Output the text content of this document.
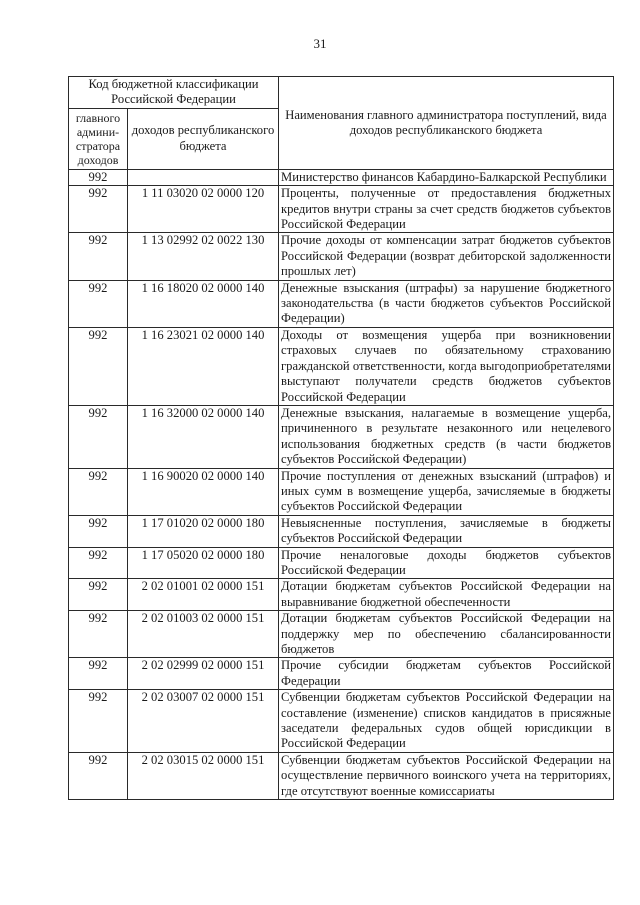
31
Код бюджетной классификации Российской Федерации		Наименования главного администратора поступлений, вида доходов республиканского бюджета
главного админи-стратора доходов	доходов республиканского бюджета	
992		Министерство финансов Кабардино-Балкарской Республики
992	1 11 03020 02 0000 120	Проценты, полученные от предоставления бюджетных кредитов внутри страны за счет средств бюджетов субъектов Российской Федерации
992	1 13 02992 02 0022 130	Прочие доходы от компенсации затрат бюджетов субъектов Российской Федерации (возврат дебиторской задолженности прошлых лет)
992	1 16 18020 02 0000 140	Денежные взыскания (штрафы) за нарушение бюджетного законодательства (в части бюджетов субъектов Российской Федерации)
992	1 16 23021 02 0000 140	Доходы от возмещения ущерба при возникновении страховых случаев по обязательному страхованию гражданской ответственности, когда выгодоприобретателями выступают получатели средств бюджетов субъектов Российской Федерации
992	1 16 32000 02 0000 140	Денежные взыскания, налагаемые в возмещение ущерба, причиненного в результате незаконного или нецелевого использования бюджетных средств (в части бюджетов субъектов Российской Федерации)
992	1 16 90020 02 0000 140	Прочие поступления от денежных взысканий (штрафов) и иных сумм в возмещение ущерба, зачисляемые в бюджеты субъектов Российской Федерации
992	1 17 01020 02 0000 180	Невыясненные поступления, зачисляемые в бюджеты субъектов Российской Федерации
992	1 17 05020 02 0000 180	Прочие неналоговые доходы бюджетов субъектов Российской Федерации
992	2 02 01001 02 0000 151	Дотации бюджетам субъектов Российской Федерации на выравнивание бюджетной обеспеченности
992	2 02 01003 02 0000 151	Дотации бюджетам субъектов Российской Федерации на поддержку мер по обеспечению сбалансированности бюджетов
992	2 02 02999 02 0000 151	Прочие субсидии бюджетам субъектов Российской Федерации
992	2 02 03007 02 0000 151	Субвенции бюджетам субъектов Российской Федерации на составление (изменение) списков кандидатов в присяжные заседатели федеральных судов общей юрисдикции в Российской Федерации
992	2 02 03015 02 0000 151	Субвенции бюджетам субъектов Российской Федерации на осуществление первичного воинского учета на территориях, где отсутствуют военные комиссариаты
